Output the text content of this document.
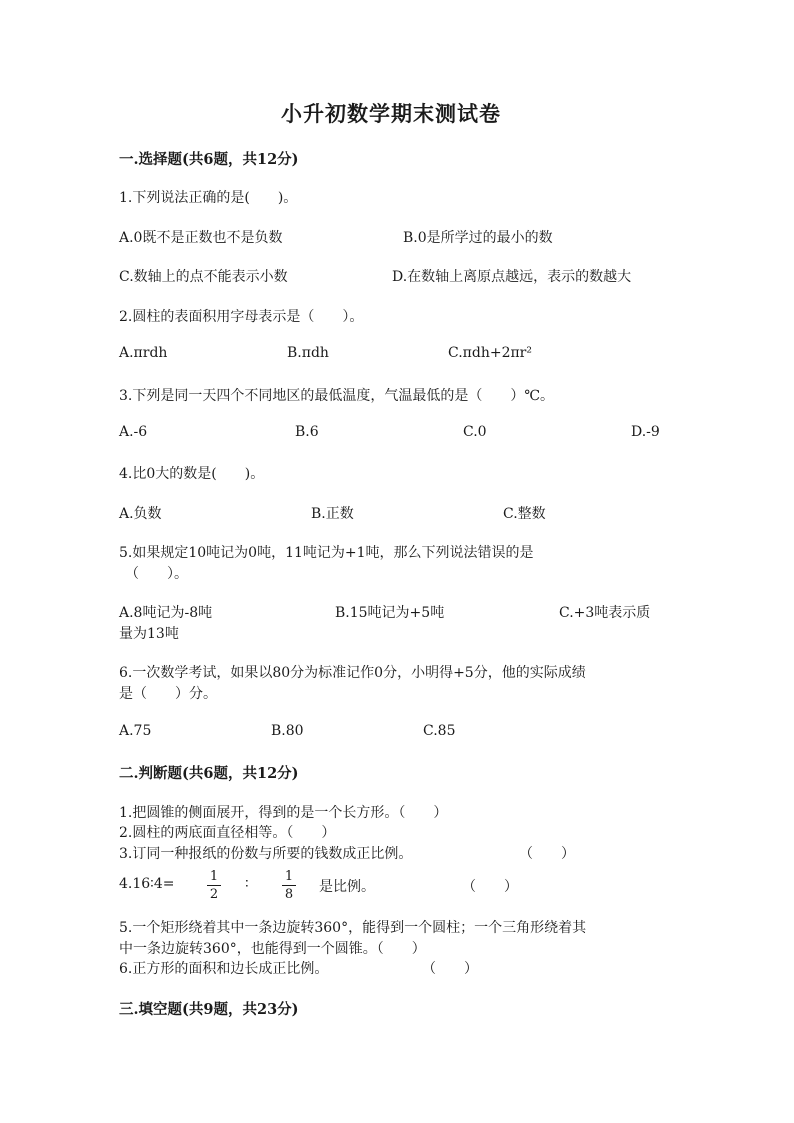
小升初数学期末测试卷
一.选择题(共6题，共12分)
1.下列说法正确的是(　　)。
A.0既不是正数也不是负数	B.0是所学过的最小的数
C.数轴上的点不能表示小数	D.在数轴上离原点越远，表示的数越大
2.圆柱的表面积用字母表示是（　　）。
A.πrdh	B.πdh	C.πdh+2πr²
3.下列是同一天四个不同地区的最低温度，气温最低的是（　　）℃。
A.-6	B.6	C.0	D.-9
4.比0大的数是(　　)。
A.负数	B.正数	C.整数
5.如果规定10吨记为0吨，11吨记为+1吨，那么下列说法错误的是
（　　）。
A.8吨记为-8吨	B.15吨记为+5吨	C.+3吨表示质
量为13吨
6.一次数学考试，如果以80分为标准记作0分，小明得+5分，他的实际成绩
是（　　）分。
A.75	B.80	C.85
二.判断题(共6题，共12分)
1.把圆锥的侧面展开，得到的是一个长方形。（　　）
2.圆柱的两底面直径相等。（　　）
3.订同一种报纸的份数与所要的钱数成正比例。	（　　）
4.16∶4=	1
2
∶	1
8 是比例。	（　　）
5.一个矩形绕着其中一条边旋转360°，能得到一个圆柱；一个三角形绕着其
中一条边旋转360°，也能得到一个圆锥。（　　）
6.正方形的面积和边长成正比例。	（　　）
三.填空题(共9题，共23分)
